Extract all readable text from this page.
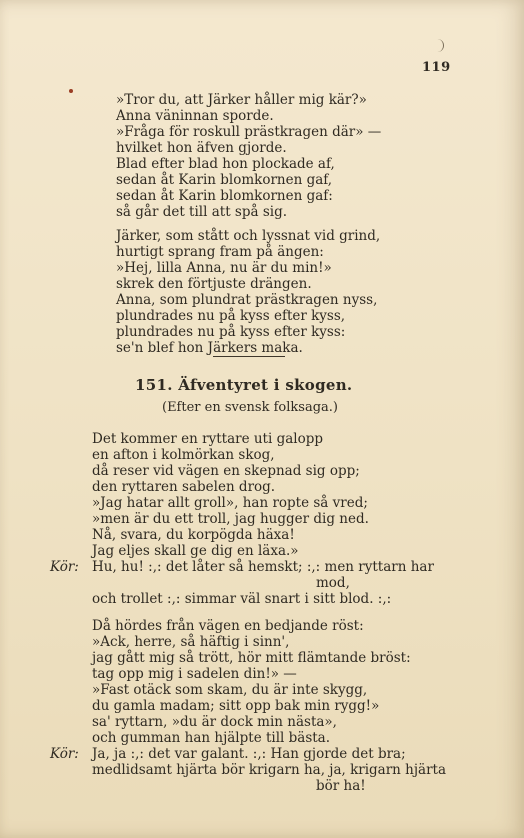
119
»Tror du, att Järker håller mig kär?»
Anna väninnan sporde.
»Fråga för roskull prästkragen där» —
hvilket hon äfven gjorde.
Blad efter blad hon plockade af,
sedan åt Karin blomkornen gaf,
sedan åt Karin blomkornen gaf:
så går det till att spå sig.
Järker, som stått och lyssnat vid grind,
hurtigt sprang fram på ängen:
»Hej, lilla Anna, nu är du min!»
skrek den förtjuste drängen.
Anna, som plundrat prästkragen nyss,
plundrades nu på kyss efter kyss,
plundrades nu på kyss efter kyss:
se'n blef hon Järkers maka.
151. Äfventyret i skogen.
(Efter en svensk folksaga.)
Det kommer en ryttare uti galopp
en afton i kolmörkan skog,
då reser vid vägen en skepnad sig opp;
den ryttaren sabelen drog.
»Jag hatar allt groll», han ropte så vred;
»men är du ett troll, jag hugger dig ned.
Nå, svara, du korpögda häxa!
Jag eljes skall ge dig en läxa.»
Kör: Hu, hu! :,: det låter så hemskt; :,: men ryttarn har
mod,
och trollet :,: simmar väl snart i sitt blod. :,:
Då hördes från vägen en bedjande röst:
»Ack, herre, så häftig i sinn',
jag gått mig så trött, hör mitt flämtande bröst:
tag opp mig i sadelen din!» —
»Fast otäck som skam, du är inte skygg,
du gamla madam; sitt opp bak min rygg!»
sa' ryttarn, »du är dock min nästa»,
och gumman han hjälpte till bästa.
Kör: Ja, ja :,: det var galant. :,: Han gjorde det bra;
medlidsamt hjärta bör krigarn ha, ja, krigarn hjärta
bör ha!
